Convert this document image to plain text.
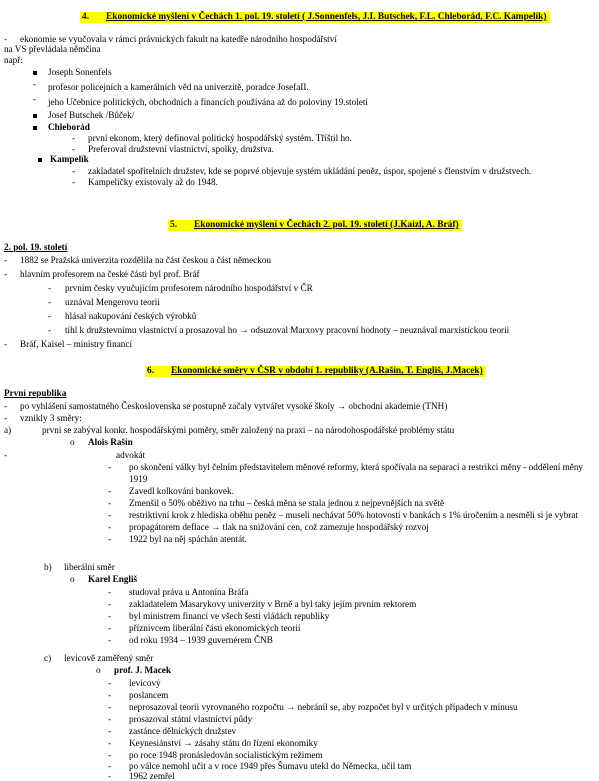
4. Ekonomické myšlení v Čechách 1. pol. 19. století ( J.Sonnenfels, J.I. Butschek, F.L. Chleborád, F.C. Kampelík)
- ekonomie se vyučovala v rámci právnických fakult na katedře národního hospodářství
na VS převládala němčina
např:
Joseph Sonenfels
- profesor policejních a kamerálních věd na univerzitě, poradce JosefaII.
- jeho Učebnice politických, obchodních a financích používána až do poloviny 19.století
Josef Butschek /Bůček/
Chleborád
- první ekonom, který definoval politický hospodářský systém. Tříštil ho.
- Preferoval družstevní vlastnictví, spolky, družstva.
Kampelík
- zakladatel spořitelních družstev, kde se poprvé objevuje systém ukládání peněz, úspor, spojené s členstvím v družstvech.
- Kampeličky existovaly až do 1948.
5. Ekonomické myšlení v Čechách 2. pol. 19. století (J.Kaizl, A. Bráf)
2. pol. 19. století
- 1882 se Pražská univerzita rozdělila na část českou a část německou
- hlavním profesorem na české části byl prof. Bráf
- prvním česky vyučujícím profesorem národního hospodářství v ČR
- uznával Mengerovu teorii
- hlásal nakupování českých výrobků
- tíhl k družstevnímu vlastnictví a prosazoval ho → odsuzoval Marxovy pracovní hodnoty – neuznával marxistickou teorii
- Bráf, Kaisel – ministry financí
6. Ekonomické směry v ČSR v období 1. republiky (A.Rašín, T. Engliš, J.Macek)
První republika
- po vyhlášení samostatného Československa se postupně začaly vytvářet vysoké školy → obchodní akademie (TNH)
- vznikly 3 směry:
a)	první se zabýval konkr. hospodářskými poměry, směr založený na praxi – na národohospodářské problémy státu
o Alois Rašín
-	advokát
- po skončení války byl čelním představitelem měnové reformy, která spočívala na separaci a restrikci měny - oddělení měny
1919
- Zavedl kolkování bankovek.
- Zmenšil o 50% oběživo na trhu – česká měna se stala jednou z nejpevnějších na světě
- restriktivní krok z hlediska oběhu peněz – museli nechávat 50% hotovosti v bankách s 1% úročením a nesměli si je vybrat
- propagátorem deflace → tlak na snižování cen, což zamezuje hospodářský rozvoj
- 1922 byl na něj spáchán atentát.
b) liberální směr
o Karel Engliš
- studoval práva u Antonína Bráfa
- zakladatelem Masarykovy univerzity v Brně a byl taky jejím prvním rektorem
- byl ministrem financí ve všech šesti vládách republiky
- příznivcem liberální části ekonomických teorií
- od roku 1934 – 1939 guvernérem ČNB
c) levicově zaměřený směr
o prof. J. Macek
- levicový
- poslancem
- neprosazoval teorii vyrovnaného rozpočtu → nebránil se, aby rozpočet byl v určitých případech v mínusu
- prosazoval státní vlastnictví půdy
- zastánce dělnických družstev
- Keynesiánství → zásahy státu do řízení ekonomiky
- po roce 1948 pronásledován socialistickým režimem
- po válce nemohl učit a v roce 1949 přes Šumavu utekl do Německa, učil tam
- 1962 zemřel
